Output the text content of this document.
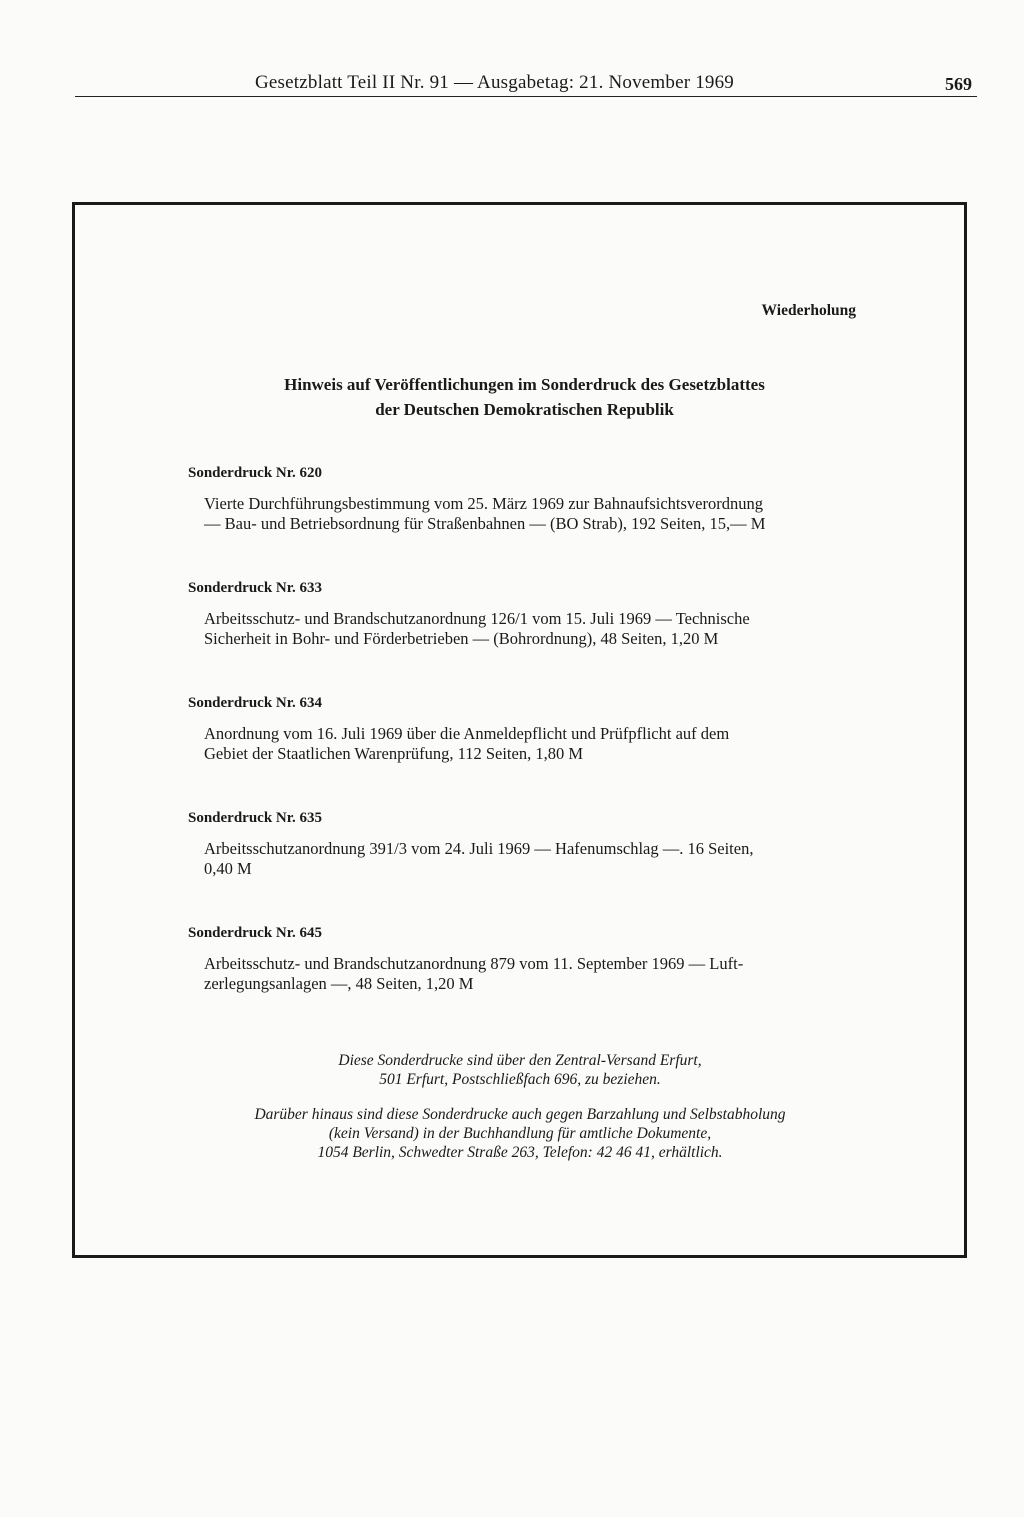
Gesetzblatt Teil II Nr. 91 — Ausgabetag: 21. November 1969	569
Wiederholung
Hinweis auf Veröffentlichungen im Sonderdruck des Gesetzblattes
der Deutschen Demokratischen Republik
Sonderdruck Nr. 620
Vierte Durchführungsbestimmung vom 25. März 1969 zur Bahnaufsichtsverordnung
— Bau- und Betriebsordnung für Straßenbahnen — (BO Strab), 192 Seiten, 15,— M
Sonderdruck Nr. 633
Arbeitsschutz- und Brandschutzanordnung 126/1 vom 15. Juli 1969 — Technische
Sicherheit in Bohr- und Förderbetrieben — (Bohrordnung), 48 Seiten, 1,20 M
Sonderdruck Nr. 634
Anordnung vom 16. Juli 1969 über die Anmeldepflicht und Prüfpflicht auf dem
Gebiet der Staatlichen Warenprüfung, 112 Seiten, 1,80 M
Sonderdruck Nr. 635
Arbeitsschutzanordnung 391/3 vom 24. Juli 1969 — Hafenumschlag —. 16 Seiten,
0,40 M
Sonderdruck Nr. 645
Arbeitsschutz- und Brandschutzanordnung 879 vom 11. September 1969 — Luft-
zerlegungsanlagen —, 48 Seiten, 1,20 M
Diese Sonderdrucke sind über den Zentral-Versand Erfurt,
501 Erfurt, Postschließfach 696, zu beziehen.
Darüber hinaus sind diese Sonderdrucke auch gegen Barzahlung und Selbstabholung
(kein Versand) in der Buchhandlung für amtliche Dokumente,
1054 Berlin, Schwedter Straße 263, Telefon: 42 46 41, erhältlich.
